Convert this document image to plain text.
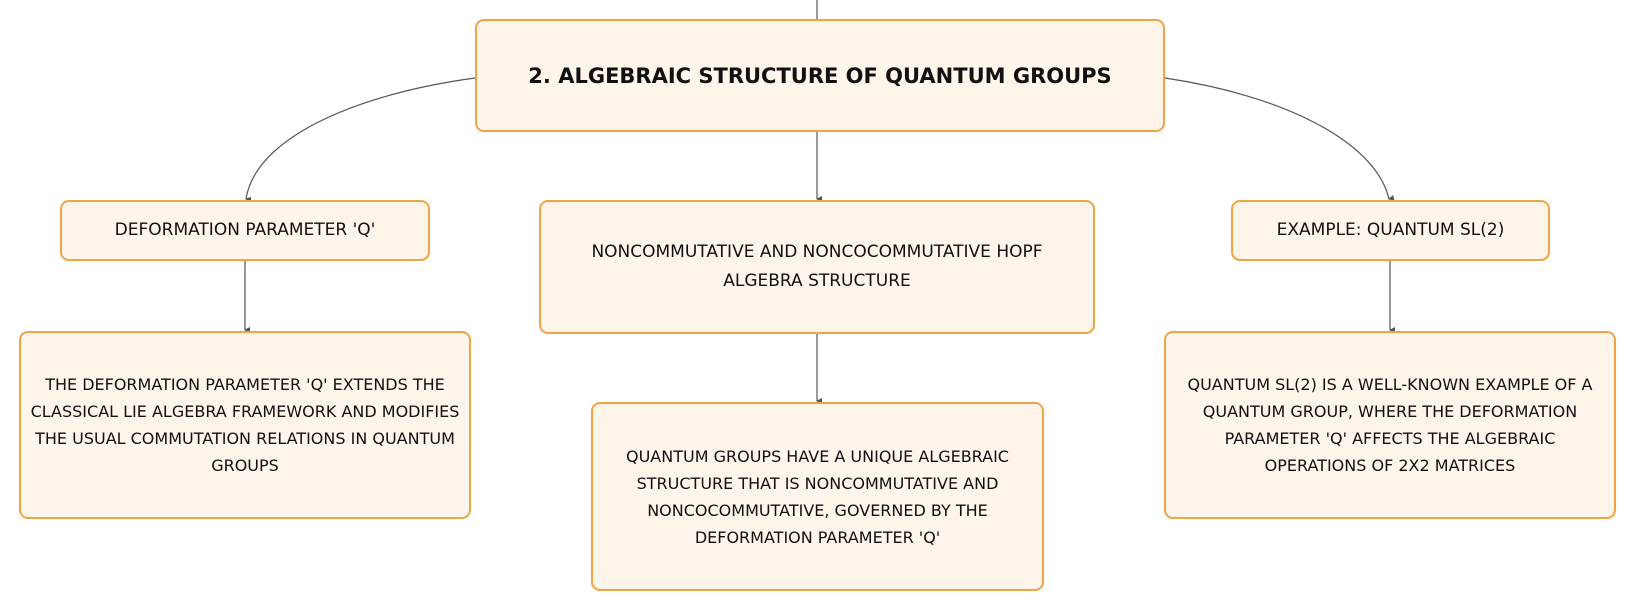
2. ALGEBRAIC STRUCTURE OF QUANTUM GROUPS
DEFORMATION PARAMETER 'Q'
NONCOMMUTATIVE AND NONCOCOMMUTATIVE HOPF ALGEBRA STRUCTURE
EXAMPLE: QUANTUM SL(2)
THE DEFORMATION PARAMETER 'Q' EXTENDS THE CLASSICAL LIE ALGEBRA FRAMEWORK AND MODIFIES THE USUAL COMMUTATION RELATIONS IN QUANTUM GROUPS	QUANTUM GROUPS HAVE A UNIQUE ALGEBRAIC STRUCTURE THAT IS NONCOMMUTATIVE AND NONCOCOMMUTATIVE, GOVERNED BY THE DEFORMATION PARAMETER 'Q'
QUANTUM SL(2) IS A WELL-KNOWN EXAMPLE OF A QUANTUM GROUP, WHERE THE DEFORMATION PARAMETER 'Q' AFFECTS THE ALGEBRAIC OPERATIONS OF 2X2 MATRICES
